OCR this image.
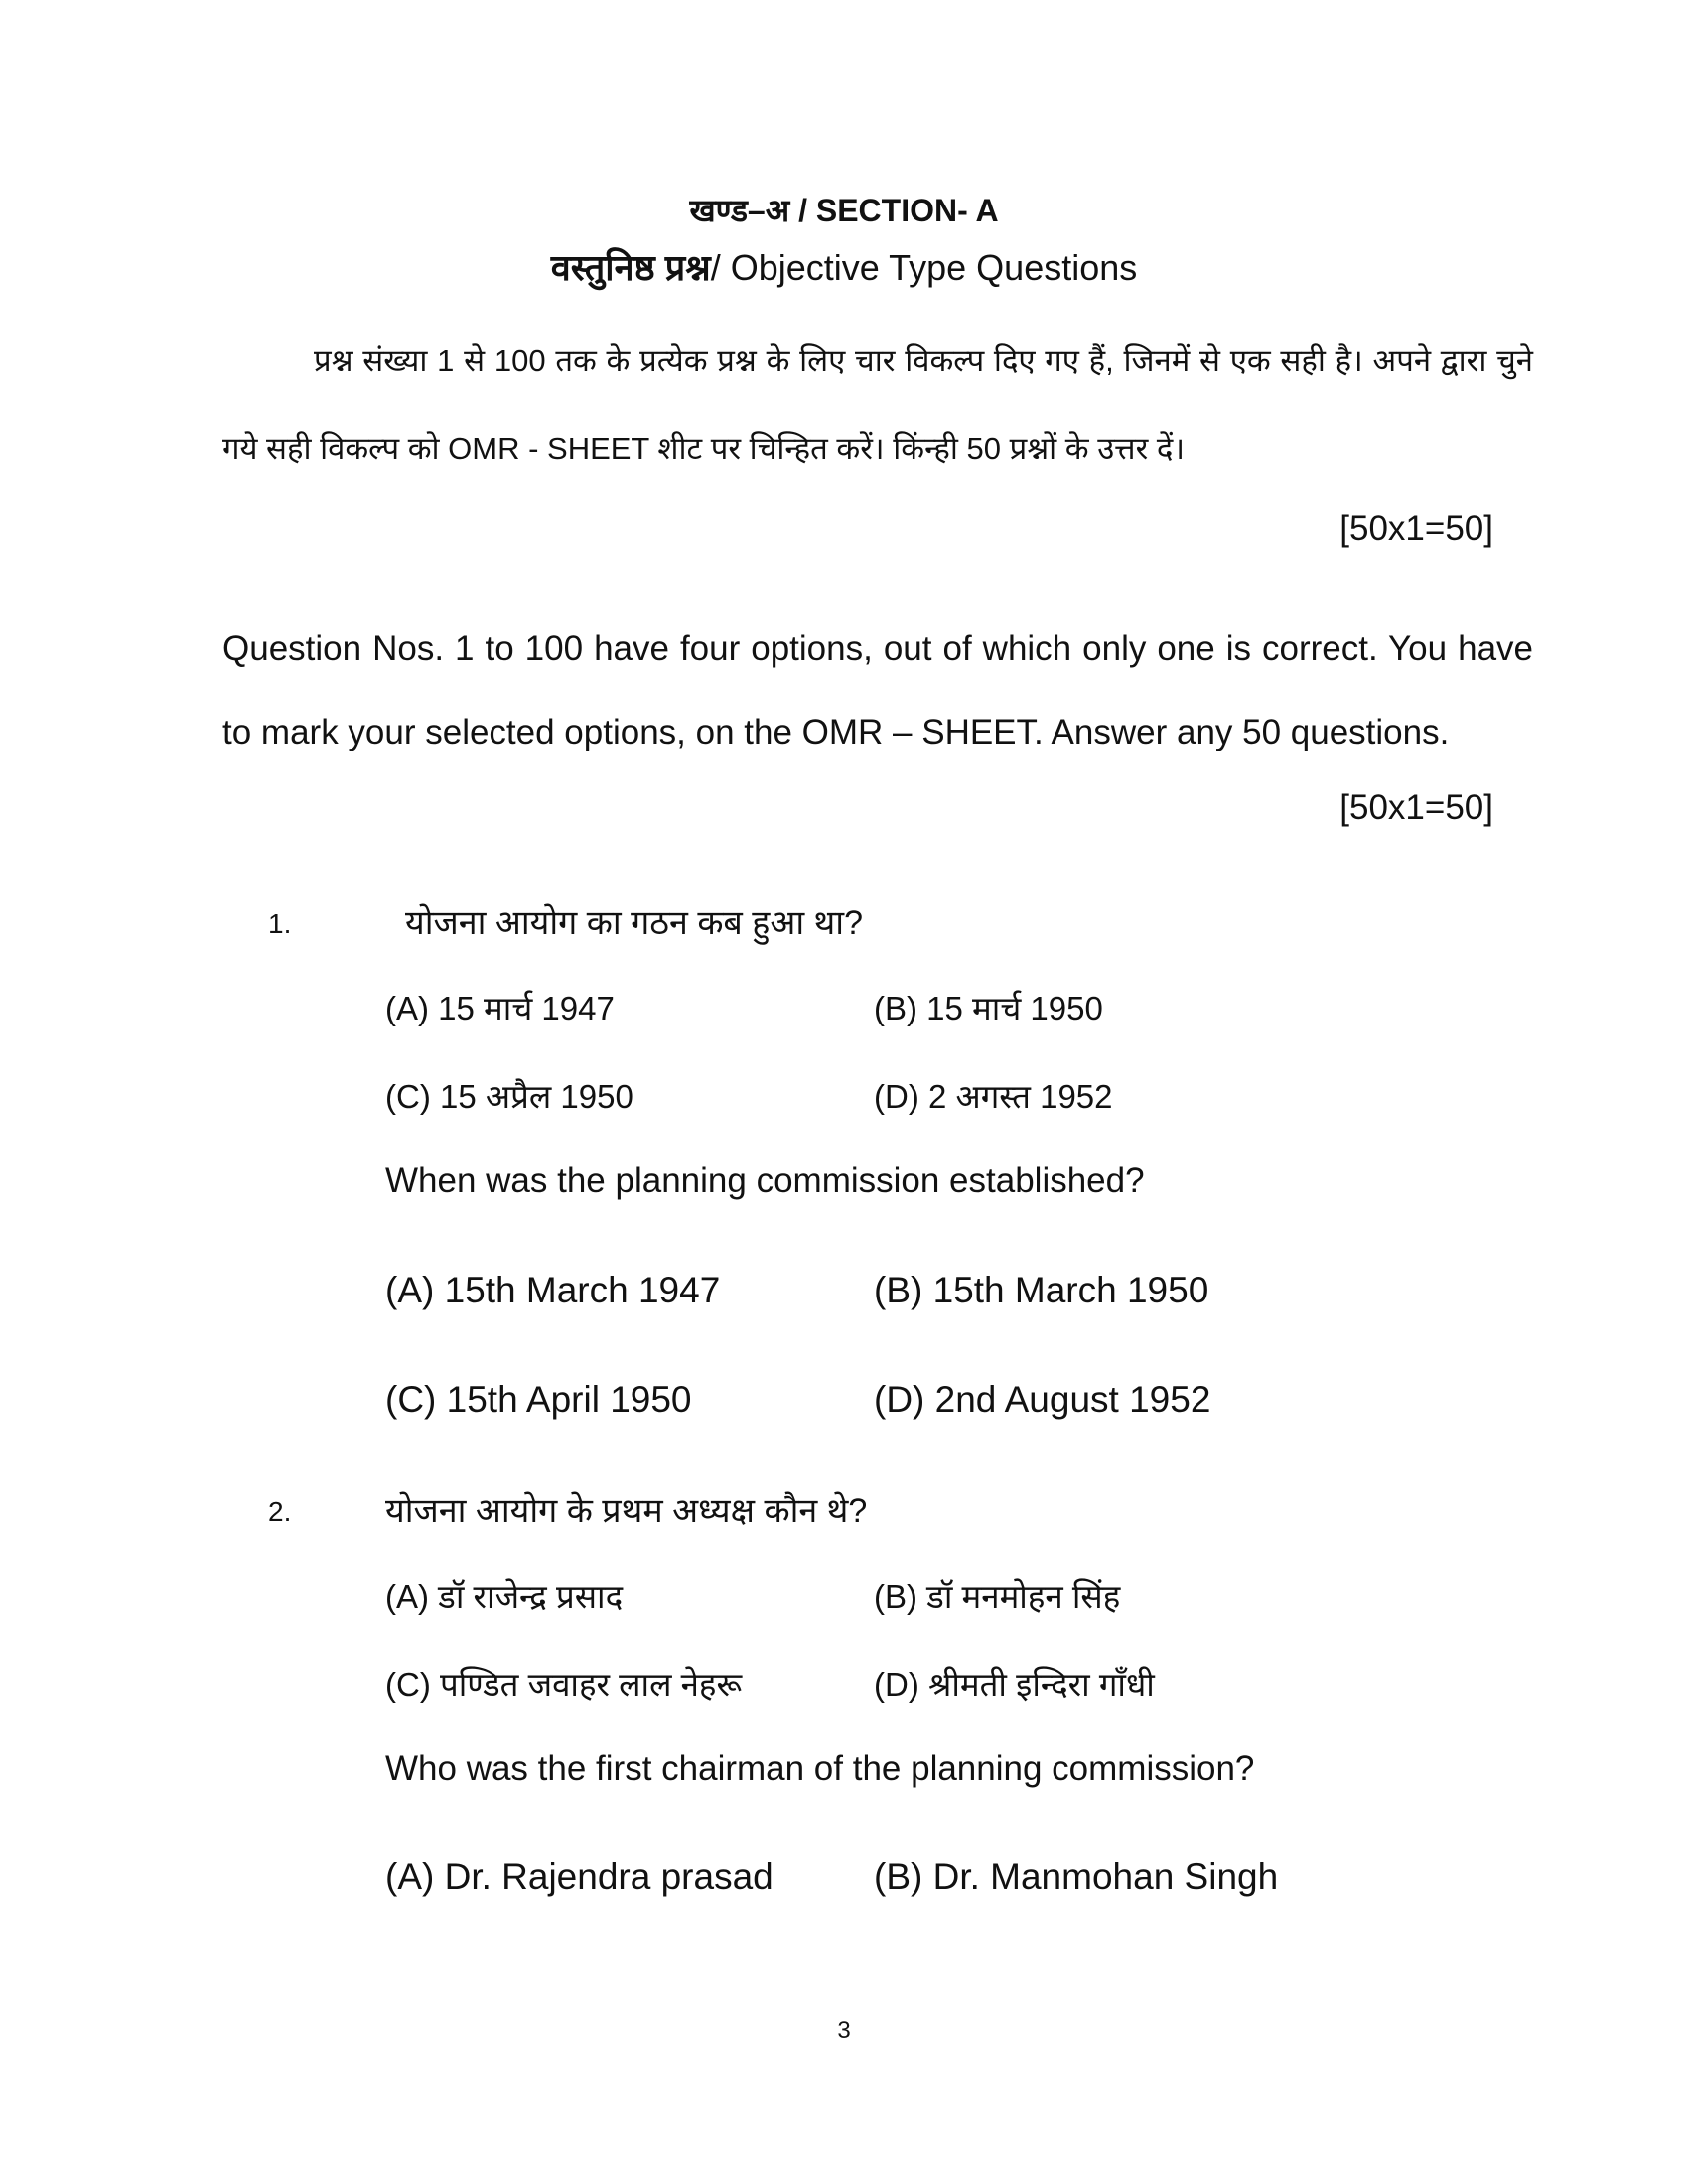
खण्ड–अ / SECTION- A
वस्तुनिष्ठ प्रश्न/ Objective Type Questions
प्रश्न संख्या 1 से 100 तक के प्रत्येक प्रश्न के लिए चार विकल्प दिए गए हैं, जिनमें से एक सही है। अपने द्वारा चुने गये सही विकल्प को OMR - SHEET शीट पर चिन्हित करें। किंन्ही 50 प्रश्नों के उत्तर दें।
[50x1=50]
Question Nos. 1 to 100 have four options, out of which only one is correct. You have to mark your selected options, on the OMR – SHEET. Answer any 50 questions.
[50x1=50]
1.	योजना आयोग का गठन कब हुआ था?
(A) 15 मार्च 1947	(B) 15 मार्च 1950
(C) 15 अप्रैल 1950	(D) 2 अगस्त 1952
When was the planning commission established?
(A) 15th March 1947	(B) 15th March 1950
(C) 15th April 1950	(D) 2nd August 1952
2.	योजना आयोग के प्रथम अध्यक्ष कौन थे?
(A) डॉ राजेन्द्र प्रसाद	(B) डॉ मनमोहन सिंह
(C) पण्डित जवाहर लाल नेहरू	(D) श्रीमती इन्दिरा गाँधी
Who was the first chairman of the planning commission?
(A) Dr. Rajendra prasad	(B) Dr. Manmohan Singh
3
